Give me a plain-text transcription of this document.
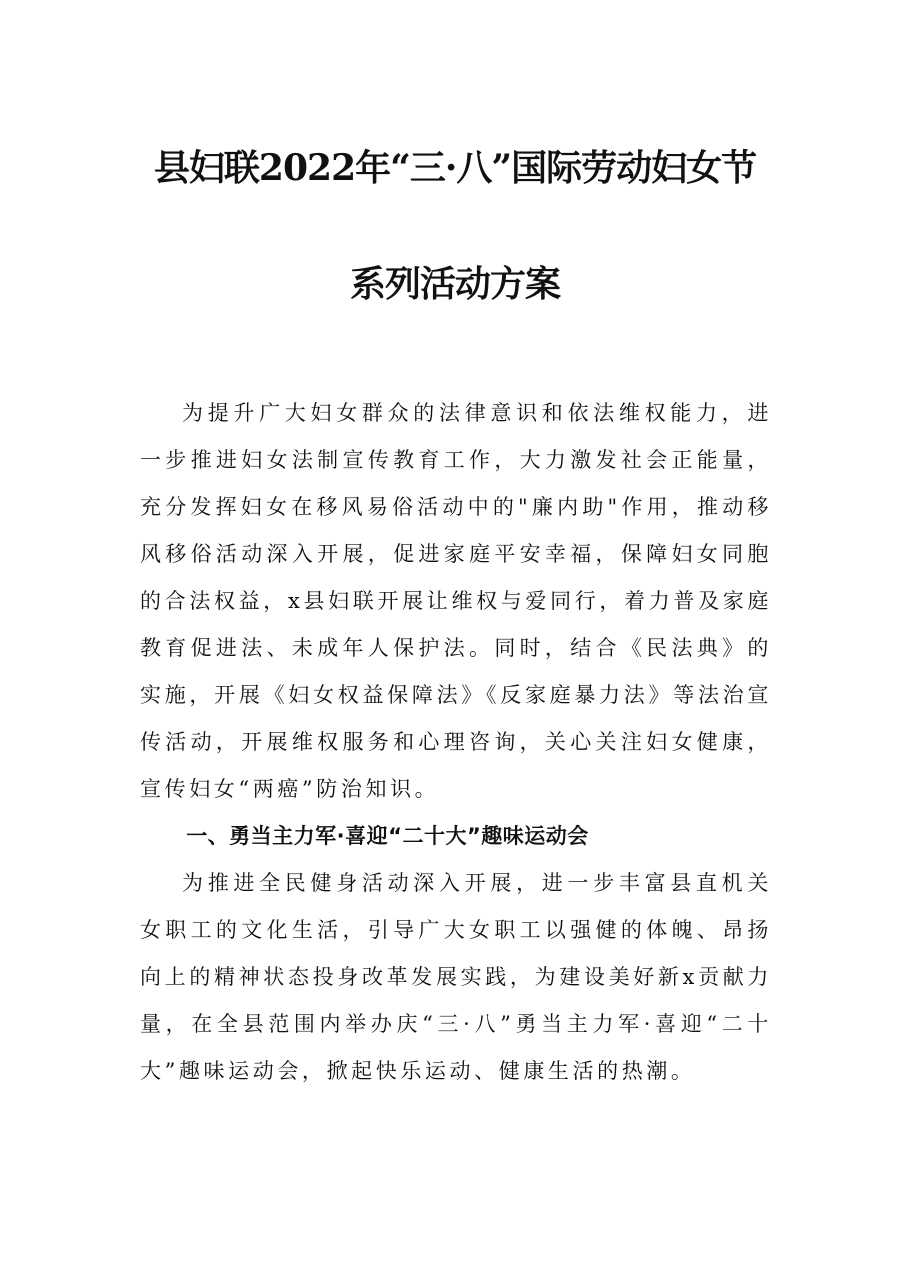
县妇联2022年“三·八”国际劳动妇女节
系列活动方案

为提升广大妇女群众的法律意识和依法维权能力，进一步推进妇女法制宣传教育工作，大力激发社会正能量，充分发挥妇女在移风易俗活动中的"廉内助"作用，推动移风移俗活动深入开展，促进家庭平安幸福，保障妇女同胞的合法权益，x县妇联开展让维权与爱同行，着力普及家庭教育促进法、未成年人保护法。同时，结合《民法典》的实施，开展《妇女权益保障法》《反家庭暴力法》等法治宣传活动，开展维权服务和心理咨询，关心关注妇女健康，宣传妇女“两癌”防治知识。

一、勇当主力军·喜迎“二十大”趣味运动会

为推进全民健身活动深入开展，进一步丰富县直机关女职工的文化生活，引导广大女职工以强健的体魄、昂扬向上的精神状态投身改革发展实践，为建设美好新x贡献力量，在全县范围内举办庆“三·八”勇当主力军·喜迎“二十大”趣味运动会，掀起快乐运动、健康生活的热潮。
